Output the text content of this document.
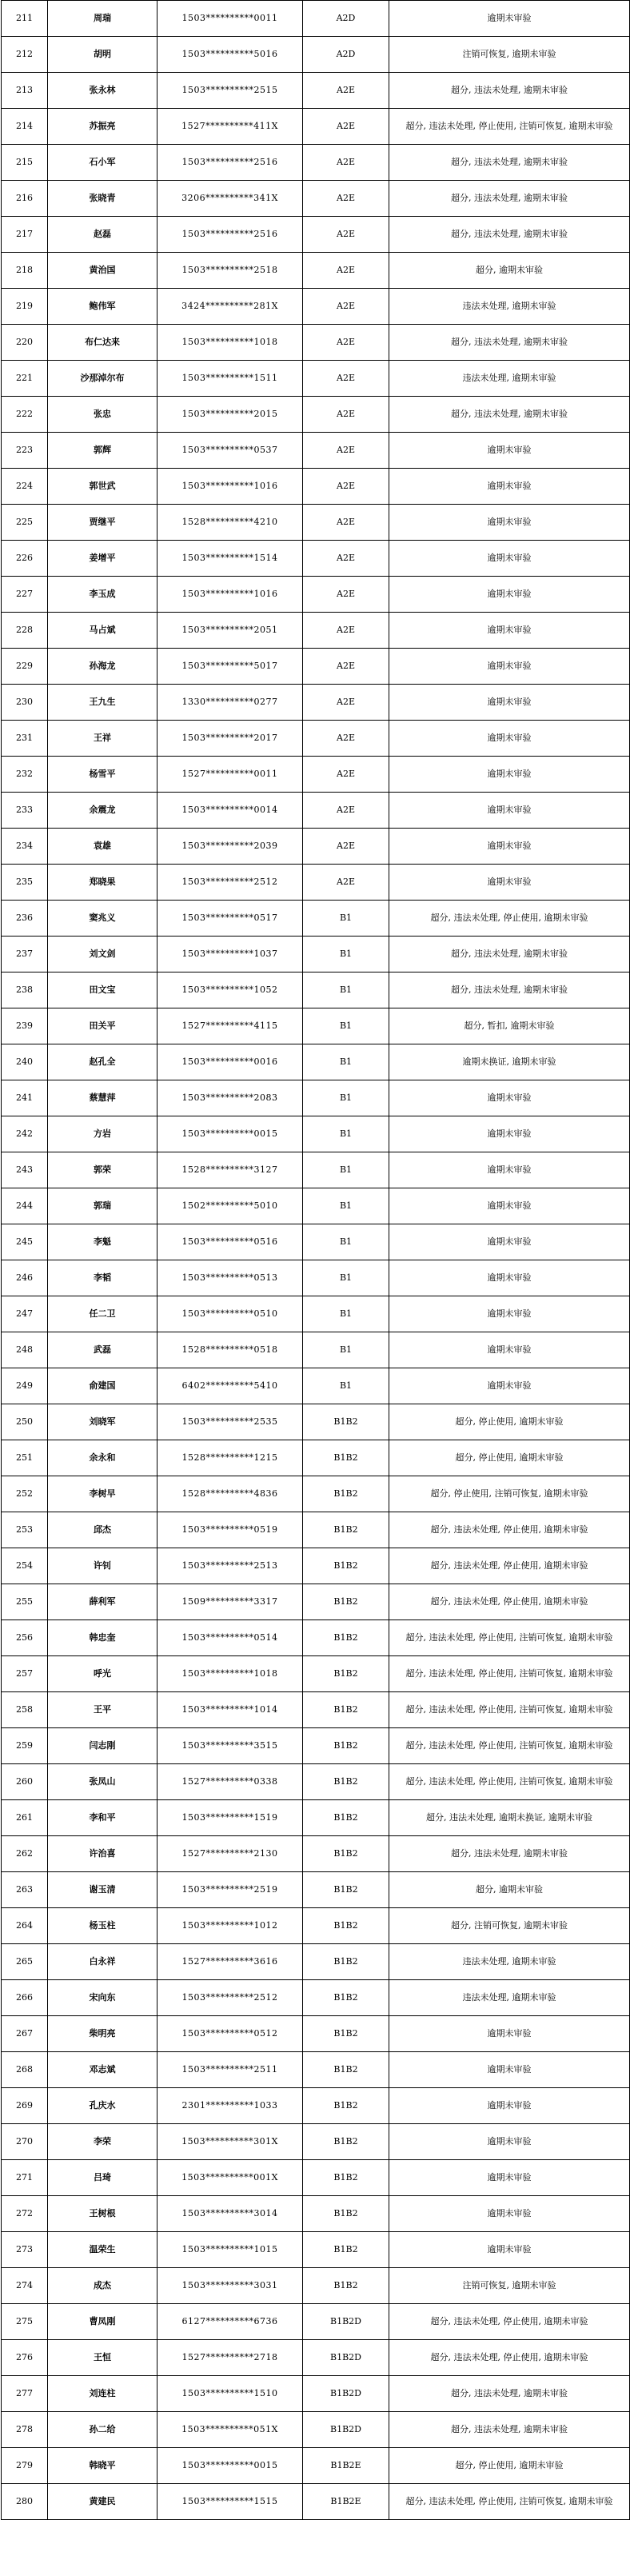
211	周瑞	1503**********0011	A2D	逾期未审验
212	胡明	1503**********5016	A2D	注销可恢复, 逾期未审验
213	张永林	1503**********2515	A2E	超分, 违法未处理, 逾期未审验
214	苏振亮	1527**********411X	A2E	超分, 违法未处理, 停止使用, 注销可恢复, 逾期未审验
215	石小军	1503**********2516	A2E	超分, 违法未处理, 逾期未审验
216	张晓青	3206**********341X	A2E	超分, 违法未处理, 逾期未审验
217	赵磊	1503**********2516	A2E	超分, 违法未处理, 逾期未审验
218	黄治国	1503**********2518	A2E	超分, 逾期未审验
219	鲍伟军	3424**********281X	A2E	违法未处理, 逾期未审验
220	布仁达来	1503**********1018	A2E	超分, 违法未处理, 逾期未审验
221	沙那淖尔布	1503**********1511	A2E	违法未处理, 逾期未审验
222	张忠	1503**********2015	A2E	超分, 违法未处理, 逾期未审验
223	郭辉	1503**********0537	A2E	逾期未审验
224	郭世武	1503**********1016	A2E	逾期未审验
225	贾继平	1528**********4210	A2E	逾期未审验
226	姜增平	1503**********1514	A2E	逾期未审验
227	李玉成	1503**********1016	A2E	逾期未审验
228	马占斌	1503**********2051	A2E	逾期未审验
229	孙海龙	1503**********5017	A2E	逾期未审验
230	王九生	1330**********0277	A2E	逾期未审验
231	王祥	1503**********2017	A2E	逾期未审验
232	杨雪平	1527**********0011	A2E	逾期未审验
233	余震龙	1503**********0014	A2E	逾期未审验
234	袁雄	1503**********2039	A2E	逾期未审验
235	郑晓果	1503**********2512	A2E	逾期未审验
236	窦兆义	1503**********0517	B1	超分, 违法未处理, 停止使用, 逾期未审验
237	刘文剑	1503**********1037	B1	超分, 违法未处理, 逾期未审验
238	田文宝	1503**********1052	B1	超分, 违法未处理, 逾期未审验
239	田关平	1527**********4115	B1	超分, 暂扣, 逾期未审验
240	赵孔全	1503**********0016	B1	逾期未换证, 逾期未审验
241	蔡慧萍	1503**********2083	B1	逾期未审验
242	方岩	1503**********0015	B1	逾期未审验
243	郭荣	1528**********3127	B1	逾期未审验
244	郭瑞	1502**********5010	B1	逾期未审验
245	李魁	1503**********0516	B1	逾期未审验
246	李韬	1503**********0513	B1	逾期未审验
247	任二卫	1503**********0510	B1	逾期未审验
248	武磊	1528**********0518	B1	逾期未审验
249	俞建国	6402**********5410	B1	逾期未审验
250	刘晓军	1503**********2535	B1B2	超分, 停止使用, 逾期未审验
251	余永和	1528**********1215	B1B2	超分, 停止使用, 逾期未审验
252	李树早	1528**********4836	B1B2	超分, 停止使用, 注销可恢复, 逾期未审验
253	邱杰	1503**********0519	B1B2	超分, 违法未处理, 停止使用, 逾期未审验
254	许钊	1503**********2513	B1B2	超分, 违法未处理, 停止使用, 逾期未审验
255	薛利军	1509**********3317	B1B2	超分, 违法未处理, 停止使用, 逾期未审验
256	韩忠奎	1503**********0514	B1B2	超分, 违法未处理, 停止使用, 注销可恢复, 逾期未审验
257	呼光	1503**********1018	B1B2	超分, 违法未处理, 停止使用, 注销可恢复, 逾期未审验
258	王平	1503**********1014	B1B2	超分, 违法未处理, 停止使用, 注销可恢复, 逾期未审验
259	闫志刚	1503**********3515	B1B2	超分, 违法未处理, 停止使用, 注销可恢复, 逾期未审验
260	张凤山	1527**********0338	B1B2	超分, 违法未处理, 停止使用, 注销可恢复, 逾期未审验
261	李和平	1503**********1519	B1B2	超分, 违法未处理, 逾期未换证, 逾期未审验
262	许治喜	1527**********2130	B1B2	超分, 违法未处理, 逾期未审验
263	谢玉清	1503**********2519	B1B2	超分, 逾期未审验
264	杨玉柱	1503**********1012	B1B2	超分, 注销可恢复, 逾期未审验
265	白永祥	1527**********3616	B1B2	违法未处理, 逾期未审验
266	宋向东	1503**********2512	B1B2	违法未处理, 逾期未审验
267	柴明亮	1503**********0512	B1B2	逾期未审验
268	邓志斌	1503**********2511	B1B2	逾期未审验
269	孔庆水	2301**********1033	B1B2	逾期未审验
270	李荣	1503**********301X	B1B2	逾期未审验
271	吕琦	1503**********001X	B1B2	逾期未审验
272	王树根	1503**********3014	B1B2	逾期未审验
273	温荣生	1503**********1015	B1B2	逾期未审验
274	成杰	1503**********3031	B1B2	注销可恢复, 逾期未审验
275	曹凤刚	6127**********6736	B1B2D	超分, 违法未处理, 停止使用, 逾期未审验
276	王恒	1527**********2718	B1B2D	超分, 违法未处理, 停止使用, 逾期未审验
277	刘连柱	1503**********1510	B1B2D	超分, 违法未处理, 逾期未审验
278	孙二给	1503**********051X	B1B2D	超分, 违法未处理, 逾期未审验
279	韩晓平	1503**********0015	B1B2E	超分, 停止使用, 逾期未审验
280	黄建民	1503**********1515	B1B2E	超分, 违法未处理, 停止使用, 注销可恢复, 逾期未审验
